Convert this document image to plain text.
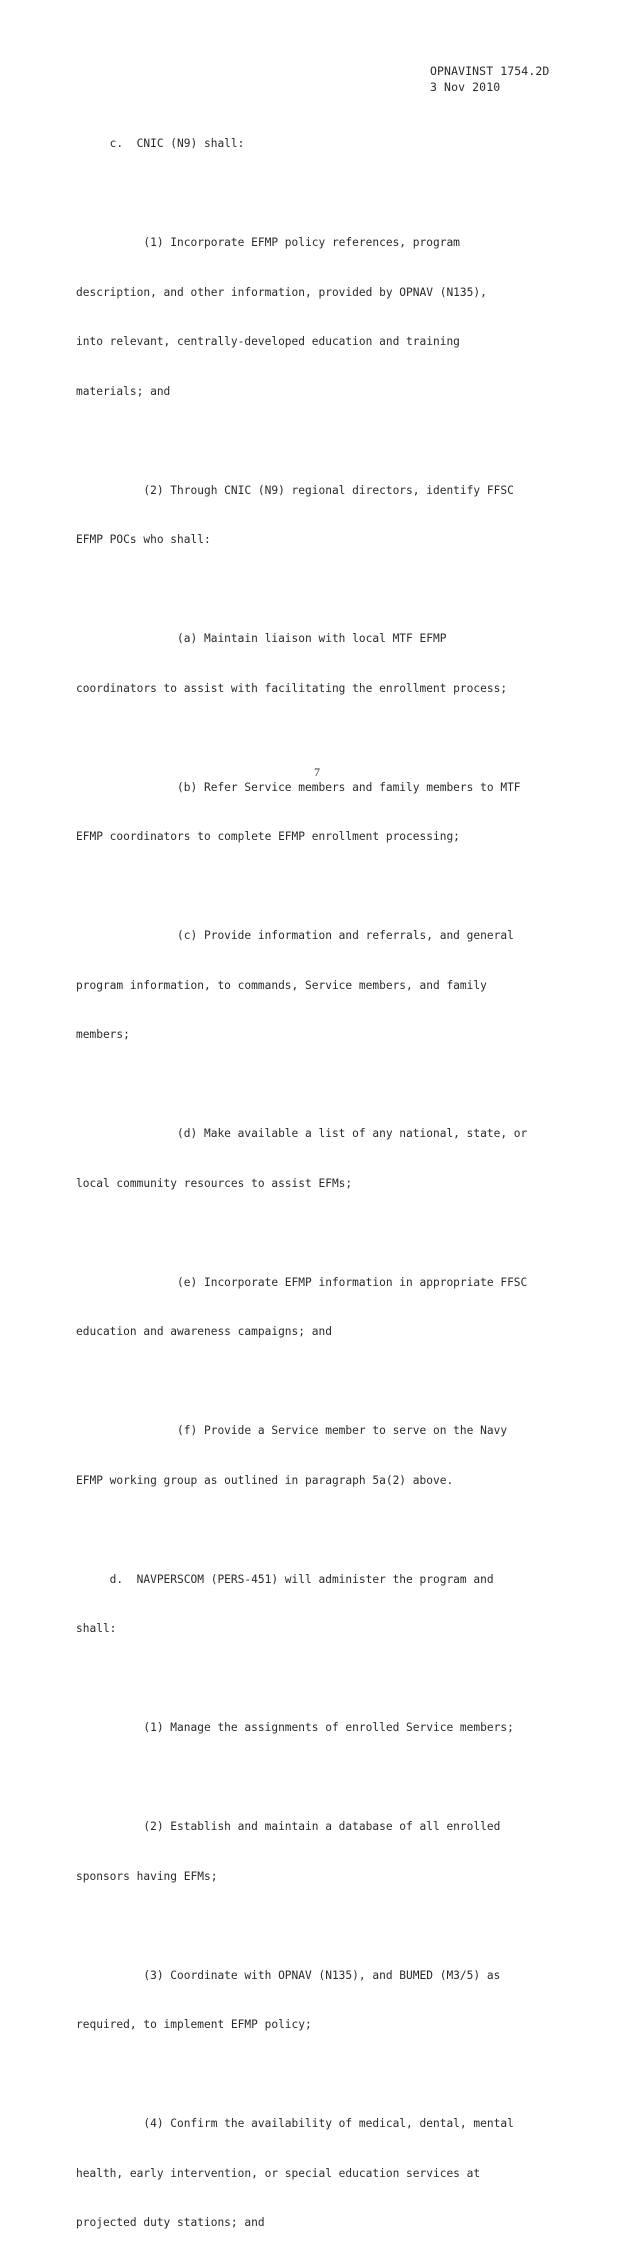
OPNAVINST 1754.2D
3 Nov 2010

c.  CNIC (N9) shall:

(1) Incorporate EFMP policy references, program

description, and other information, provided by OPNAV (N135),

into relevant, centrally-developed education and training

materials; and

(2) Through CNIC (N9) regional directors, identify FFSC

EFMP POCs who shall:

(a) Maintain liaison with local MTF EFMP

coordinators to assist with facilitating the enrollment process;

(b) Refer Service members and family members to MTF

EFMP coordinators to complete EFMP enrollment processing;

(c) Provide information and referrals, and general

program information, to commands, Service members, and family

members;

(d) Make available a list of any national, state, or

local community resources to assist EFMs;

(e) Incorporate EFMP information in appropriate FFSC

education and awareness campaigns; and

(f) Provide a Service member to serve on the Navy

EFMP working group as outlined in paragraph 5a(2) above.

d.  NAVPERSCOM (PERS-451) will administer the program and

shall:

(1) Manage the assignments of enrolled Service members;

(2) Establish and maintain a database of all enrolled

sponsors having EFMs;

(3) Coordinate with OPNAV (N135), and BUMED (M3/5) as

required, to implement EFMP policy;

(4) Confirm the availability of medical, dental, mental

health, early intervention, or special education services at

projected duty stations; and

7
